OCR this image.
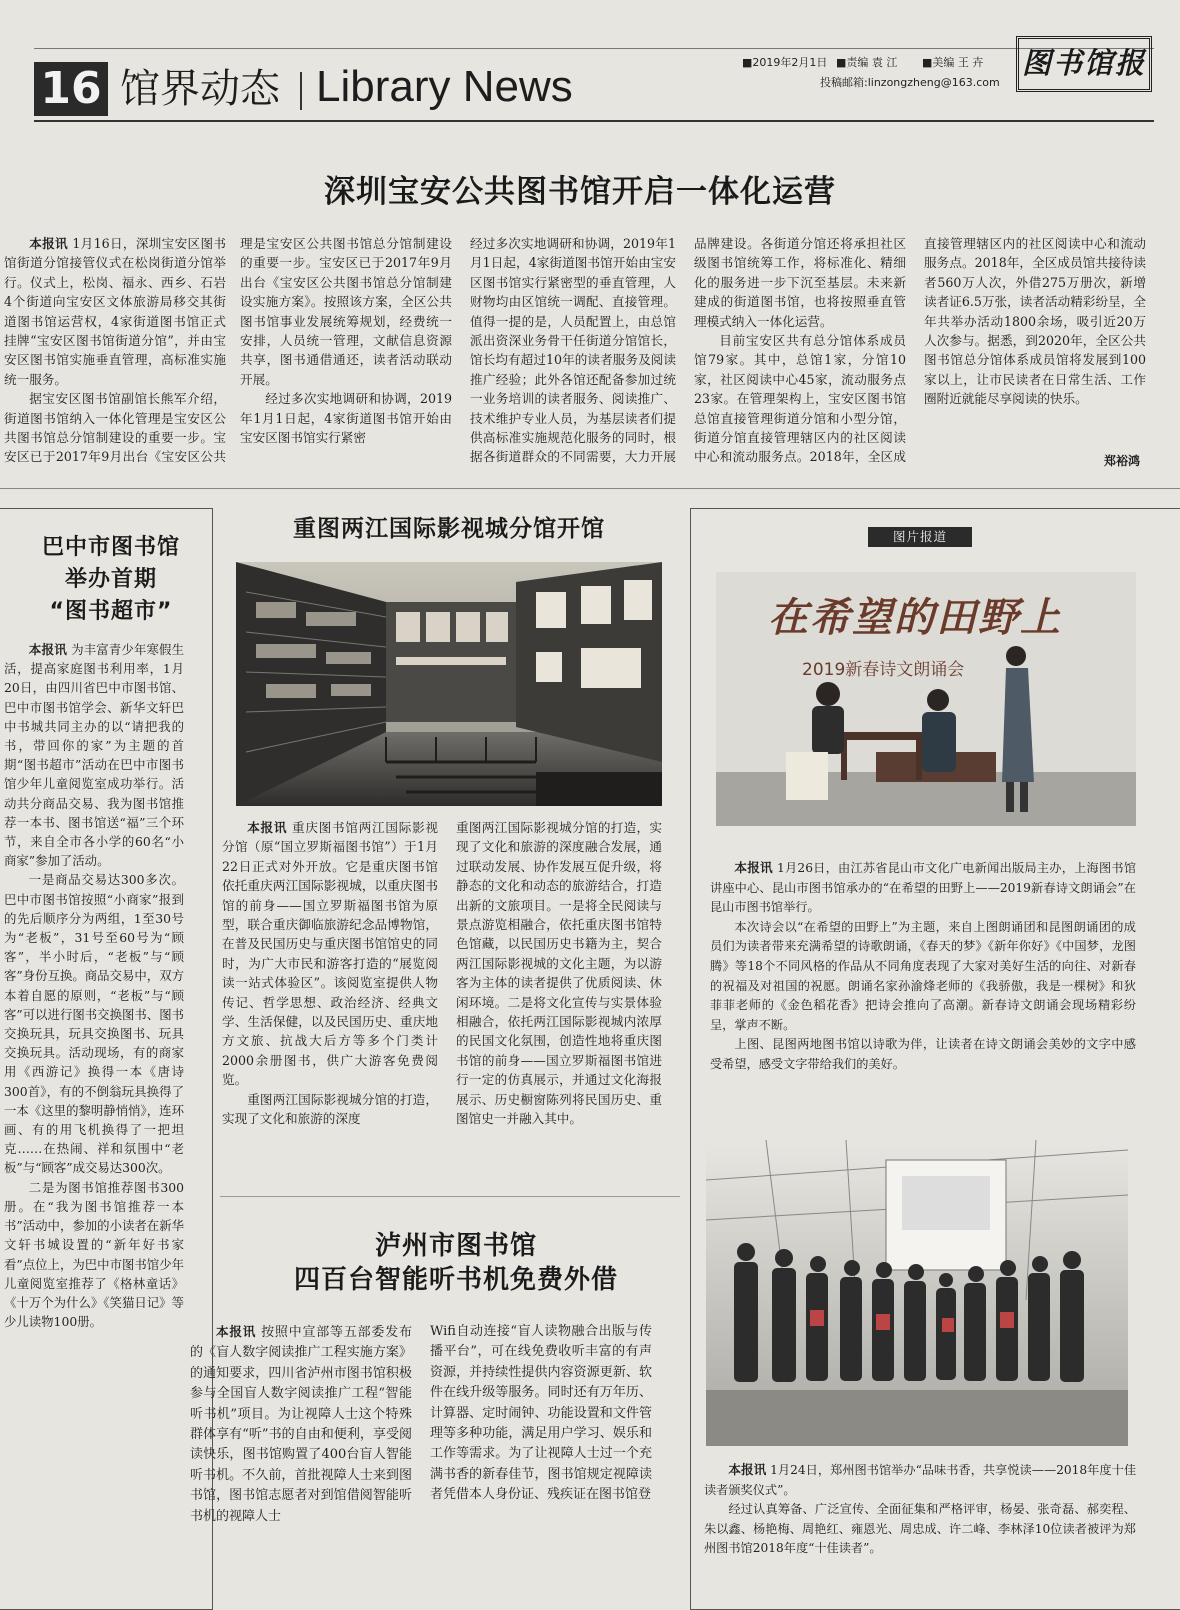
16 馆界动态 Library News	■2019年2月1日 ■责编 袁 江 ■美编 王 卉
投稿邮箱:linzongzheng@163.com
图书馆报
深圳宝安公共图书馆开启一体化运营

本报讯 1月16日，深圳宝安区图书馆街道分馆接管仪式在松岗街道分馆举行。仪式上，松岗、福永、西乡、石岩4个街道向宝安区文体旅游局移交其街道图书馆运营权，4家街道图书馆正式挂牌“宝安区图书馆街道分馆”，并由宝安区图书馆实施垂直管理，高标准实施统一服务。

据宝安区图书馆副馆长熊军介绍，街道图书馆纳入一体化管理是宝安区公共图书馆总分馆制建设的重要一步。宝安区已于2017年9月出台《宝安区公共

理是宝安区公共图书馆总分馆制建设的重要一步。宝安区已于2017年9月出台《宝安区公共图书馆总分馆制建设实施方案》。按照该方案，全区公共图书馆事业发展统筹规划，经费统一安排，人员统一管理，文献信息资源共享，图书通借通还，读者活动联动开展。

经过多次实地调研和协调，2019年1月1日起，4家街道图书馆开始由宝安区图书馆实行紧密

经过多次实地调研和协调，2019年1月1日起，4家街道图书馆开始由宝安区图书馆实行紧密型的垂直管理，人财物均由区馆统一调配、直接管理。值得一提的是，人员配置上，由总馆派出资深业务骨干任街道分馆馆长，馆长均有超过10年的读者服务及阅读推广经验；此外各馆还配备参加过统一业务培训的读者服务、阅读推广、技术维护专业人员，为基层读者们提供高标准实施规范化服务的同时，根据各街道群众的不同需要，大力开展

品牌建设。各街道分馆还将承担社区级图书馆统筹工作，将标准化、精细化的服务进一步下沉至基层。未来新建成的街道图书馆，也将按照垂直管理模式纳入一体化运营。

目前宝安区共有总分馆体系成员馆79家。其中，总馆1家，分馆10家，社区阅读中心45家，流动服务点23家。在管理架构上，宝安区图书馆总馆直接管理街道分馆和小型分馆，街道分馆直接管理辖区内的社区阅读中心和流动服务点。2018年，全区成

直接管理辖区内的社区阅读中心和流动服务点。2018年，全区成员馆共接待读者560万人次，外借275万册次，新增读者证6.5万张，读者活动精彩纷呈，全年共举办活动1800余场，吸引近20万人次参与。据悉，到2020年，全区公共图书馆总分馆体系成员馆将发展到100家以上，让市民读者在日常生活、工作圈附近就能尽享阅读的快乐。

郑裕鸿
巴中市图书馆
举办首期
“图书超市”

本报讯 为丰富青少年寒假生活，提高家庭图书利用率，1月20日，由四川省巴中市图书馆、巴中市图书馆学会、新华文轩巴中书城共同主办的以“请把我的书，带回你的家”为主题的首期“图书超市”活动在巴中市图书馆少年儿童阅览室成功举行。活动共分商品交易、我为图书馆推荐一本书、图书馆送“福”三个环节，来自全市各小学的60名“小商家”参加了活动。

一是商品交易达300多次。巴中市图书馆按照“小商家”报到的先后顺序分为两组，1至30号为“老板”，31号至60号为“顾客”，半小时后，“老板”与“顾客”身份互换。商品交易中，双方本着自愿的原则，“老板”与“顾客”可以进行图书交换图书、图书交换玩具，玩具交换图书、玩具交换玩具。活动现场，有的商家用《西游记》换得一本《唐诗300首》，有的不倒翁玩具换得了一本《这里的黎明静悄悄》，连环画、有的用飞机换得了一把坦克……在热闹、祥和氛围中“老板”与“顾客”成交易达300次。

二是为图书馆推荐图书300册。在“我为图书馆推荐一本书”活动中，参加的小读者在新华文轩书城设置的“新年好书家看”点位上，为巴中市图书馆少年儿童阅览室推荐了《格林童话》《十万个为什么》《笑猫日记》等少儿读物100册。

重图两江国际影视城分馆开馆

本报讯 重庆图书馆两江国际影视分馆（原“国立罗斯福图书馆”）于1月22日正式对外开放。它是重庆图书馆依托重庆两江国际影视城，以重庆图书馆的前身——国立罗斯福图书馆为原型，联合重庆御临旅游纪念品博物馆，在普及民国历史与重庆图书馆馆史的同时，为广大市民和游客打造的“展览阅读一站式体验区”。该阅览室提供人物传记、哲学思想、政治经济、经典文学、生活保健，以及民国历史、重庆地方文旅、抗战大后方等多个门类计2000余册图书，供广大游客免费阅览。

重图两江国际影视城分馆的打造，实现了文化和旅游的深度

重图两江国际影视城分馆的打造，实现了文化和旅游的深度融合发展，通过联动发展、协作发展互促升级，将静态的文化和动态的旅游结合，打造出新的文旅项目。一是将全民阅读与景点游览相融合，依托重庆图书馆特色馆藏，以民国历史书籍为主，契合两江国际影视城的文化主题，为以游客为主体的读者提供了优质阅读、休闲环境。二是将文化宣传与实景体验相融合，依托两江国际影视城内浓厚的民国文化氛围，创造性地将重庆图书馆的前身——国立罗斯福图书馆进行一定的仿真展示，并通过文化海报展示、历史橱窗陈列将民国历史、重图馆史一并融入其中。

泸州市图书馆
四百台智能听书机免费外借

本报讯 按照中宣部等五部委发布的《盲人数字阅读推广工程实施方案》的通知要求，四川省泸州市图书馆积极参与全国盲人数字阅读推广工程“智能听书机”项目。为让视障人士这个特殊群体享有“听”书的自由和便利，享受阅读快乐，图书馆购置了400台盲人智能听书机。不久前，首批视障人士来到图书馆，图书馆志愿者对到馆借阅智能听书机的视障人士

Wifi自动连接“盲人读物融合出版与传播平台”，可在线免费收听丰富的有声资源，并持续性提供内容资源更新、软件在线升级等服务。同时还有万年历、计算器、定时闹钟、功能设置和文件管理等多种功能，满足用户学习、娱乐和工作等需求。为了让视障人士过一个充满书香的新春佳节，图书馆规定视障读者凭借本人身份证、残疾证在图书馆登

图片报道
在希望的田野上
2019新春诗文朗诵会

本报讯 1月26日，由江苏省昆山市文化广电新闻出版局主办，上海图书馆讲座中心、昆山市图书馆承办的“在希望的田野上——2019新春诗文朗诵会”在昆山市图书馆举行。

本次诗会以“在希望的田野上”为主题，来自上图朗诵团和昆图朗诵团的成员们为读者带来充满希望的诗歌朗诵，《春天的梦》《新年你好》《中国梦，龙图腾》等18个不同风格的作品从不同角度表现了大家对美好生活的向往、对新春的祝福及对祖国的祝愿。朗诵名家孙渝烽老师的《我骄傲，我是一棵树》和狄菲菲老师的《金色稻花香》把诗会推向了高潮。新春诗文朗诵会现场精彩纷呈，掌声不断。

上图、昆图两地图书馆以诗歌为伴，让读者在诗文朗诵会美妙的文字中感受希望，感受文字带给我们的美好。

本报讯 1月24日，郑州图书馆举办“品味书香，共享悦读——2018年度十佳读者颁奖仪式”。

经过认真筹备、广泛宣传、全面征集和严格评审，杨晏、张奇磊、郝奕程、朱以鑫、杨艳梅、周艳红、雍恩光、周忠成、许二峰、李林泽10位读者被评为郑州图书馆2018年度“十佳读者”。
